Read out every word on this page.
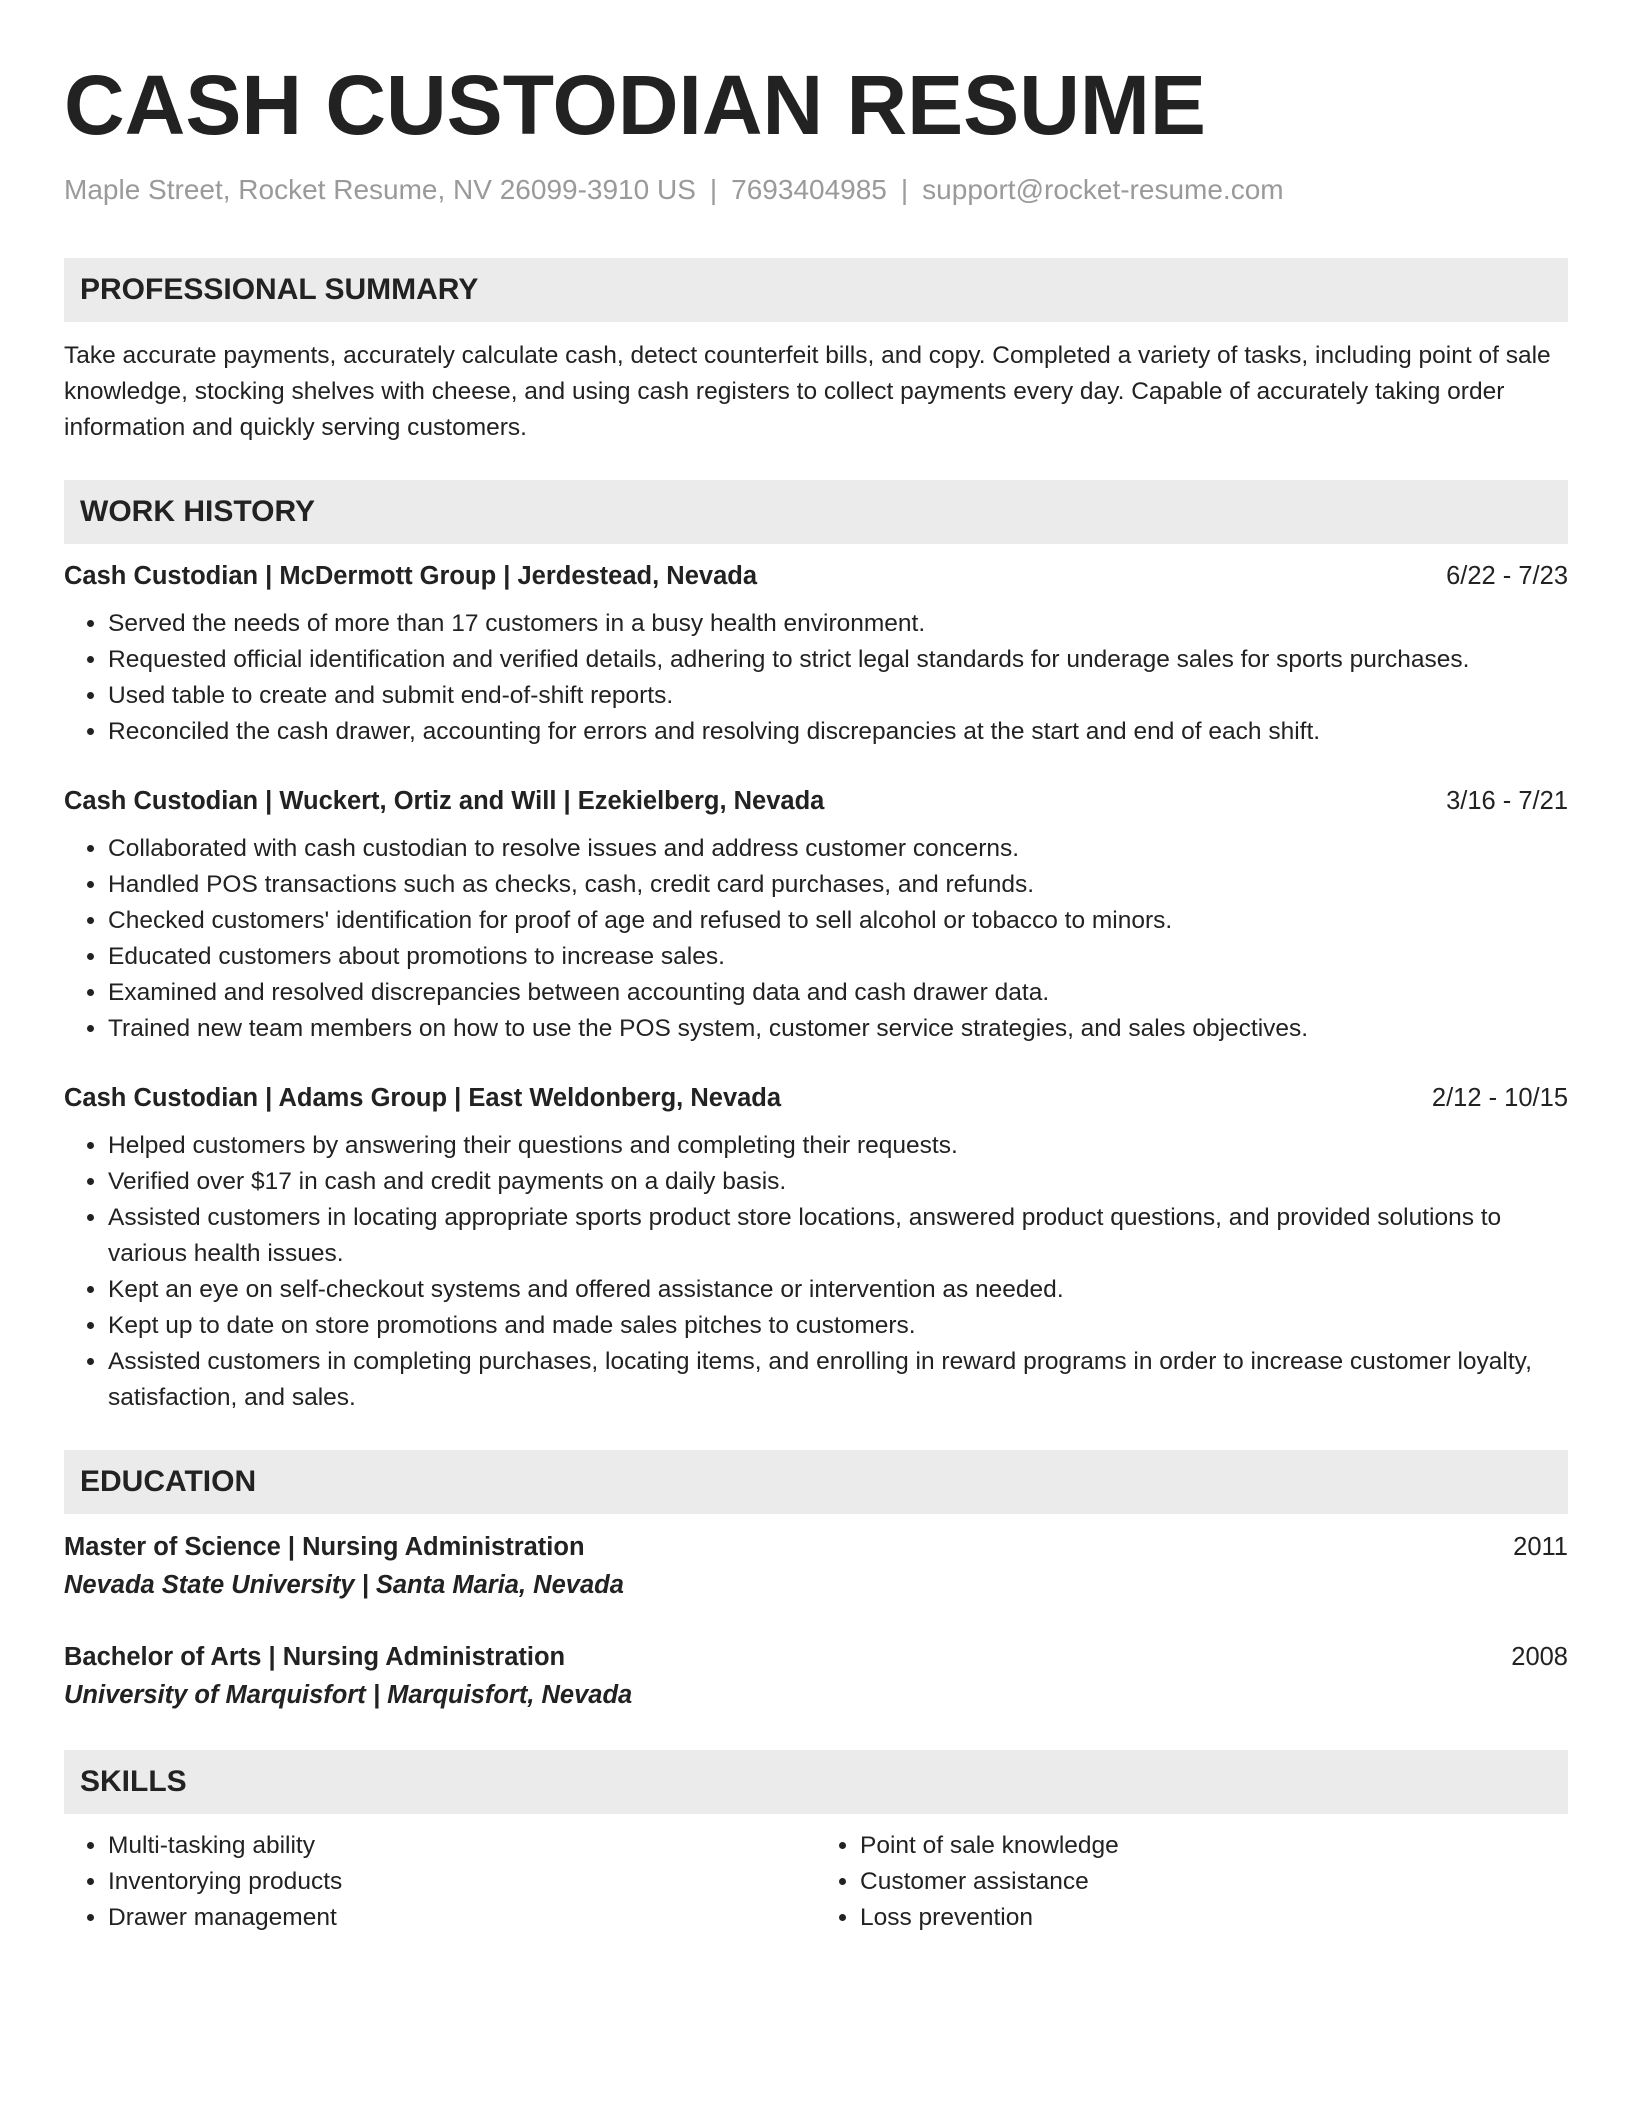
CASH CUSTODIAN RESUME
Maple Street, Rocket Resume, NV 26099-3910 US | 7693404985 | support@rocket-resume.com
PROFESSIONAL SUMMARY
Take accurate payments, accurately calculate cash, detect counterfeit bills, and copy. Completed a variety of tasks, including point of sale knowledge, stocking shelves with cheese, and using cash registers to collect payments every day. Capable of accurately taking order information and quickly serving customers.
WORK HISTORY
Cash Custodian | McDermott Group | Jerdestead, Nevada	6/22 - 7/23
• Served the needs of more than 17 customers in a busy health environment.
• Requested official identification and verified details, adhering to strict legal standards for underage sales for sports purchases.
• Used table to create and submit end-of-shift reports.
• Reconciled the cash drawer, accounting for errors and resolving discrepancies at the start and end of each shift.
Cash Custodian | Wuckert, Ortiz and Will | Ezekielberg, Nevada	3/16 - 7/21
• Collaborated with cash custodian to resolve issues and address customer concerns.
• Handled POS transactions such as checks, cash, credit card purchases, and refunds.
• Checked customers' identification for proof of age and refused to sell alcohol or tobacco to minors.
• Educated customers about promotions to increase sales.
• Examined and resolved discrepancies between accounting data and cash drawer data.
• Trained new team members on how to use the POS system, customer service strategies, and sales objectives.
Cash Custodian | Adams Group | East Weldonberg, Nevada	2/12 - 10/15
• Helped customers by answering their questions and completing their requests.
• Verified over $17 in cash and credit payments on a daily basis.
• Assisted customers in locating appropriate sports product store locations, answered product questions, and provided solutions to various health issues.
• Kept an eye on self-checkout systems and offered assistance or intervention as needed.
• Kept up to date on store promotions and made sales pitches to customers.
• Assisted customers in completing purchases, locating items, and enrolling in reward programs in order to increase customer loyalty, satisfaction, and sales.
EDUCATION
Master of Science | Nursing Administration	2011
Nevada State University | Santa Maria, Nevada
Bachelor of Arts | Nursing Administration	2008
University of Marquisfort | Marquisfort, Nevada
SKILLS
• Multi-tasking ability
• Inventorying products
• Drawer management
• Point of sale knowledge
• Customer assistance
• Loss prevention
